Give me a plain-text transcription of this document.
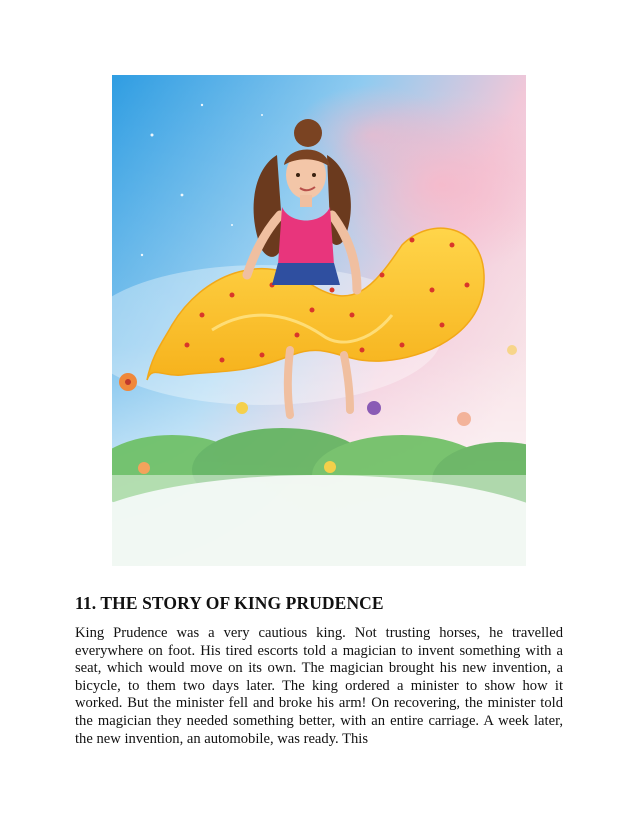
11. THE STORY OF KING PRUDENCE

King Prudence was a very cautious king. Not trusting horses, he travelled everywhere on foot. His tired escorts told a magician to invent something with a seat, which would move on its own. The magician brought his new invention, a bicycle, to them two days later. The king ordered a minister to show how it worked. But the minister fell and broke his arm! On recovering, the minister told the magician they needed something better, with an entire carriage. A week later, the new invention, an automobile, was ready. This
